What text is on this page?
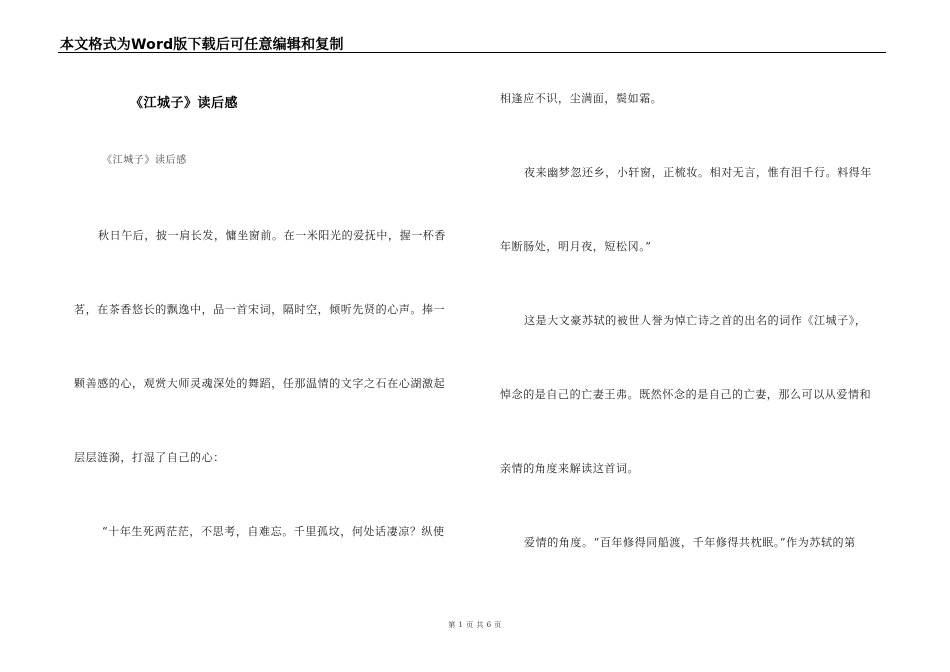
本文格式为Word版下载后可任意编辑和复制
《江城子》读后感
《江城子》读后感
秋日午后，披一肩长发，慵坐窗前。在一米阳光的爱抚中，握一杯香
茗，在茶香悠长的飘逸中，品一首宋词，隔时空，倾听先贤的心声。捧一
颗善感的心，观赏大师灵魂深处的舞蹈，任那温情的文字之石在心湖激起
层层涟漪，打湿了自己的心：
“十年生死两茫茫，不思考，自难忘。千里孤坟，何处话凄凉？纵使
相逢应不识，尘满面，鬓如霜。
夜来幽梦忽还乡，小轩窗，正梳妆。相对无言，惟有泪千行。料得年
年断肠处，明月夜，短松冈。”
这是大文豪苏轼的被世人誉为悼亡诗之首的出名的词作《江城子》，
悼念的是自己的亡妻王弗。既然怀念的是自己的亡妻，那么可以从爱情和
亲情的角度来解读这首词。
爱情的角度。“百年修得同船渡，千年修得共枕眠。”作为苏轼的第
第 1 页 共 6 页
